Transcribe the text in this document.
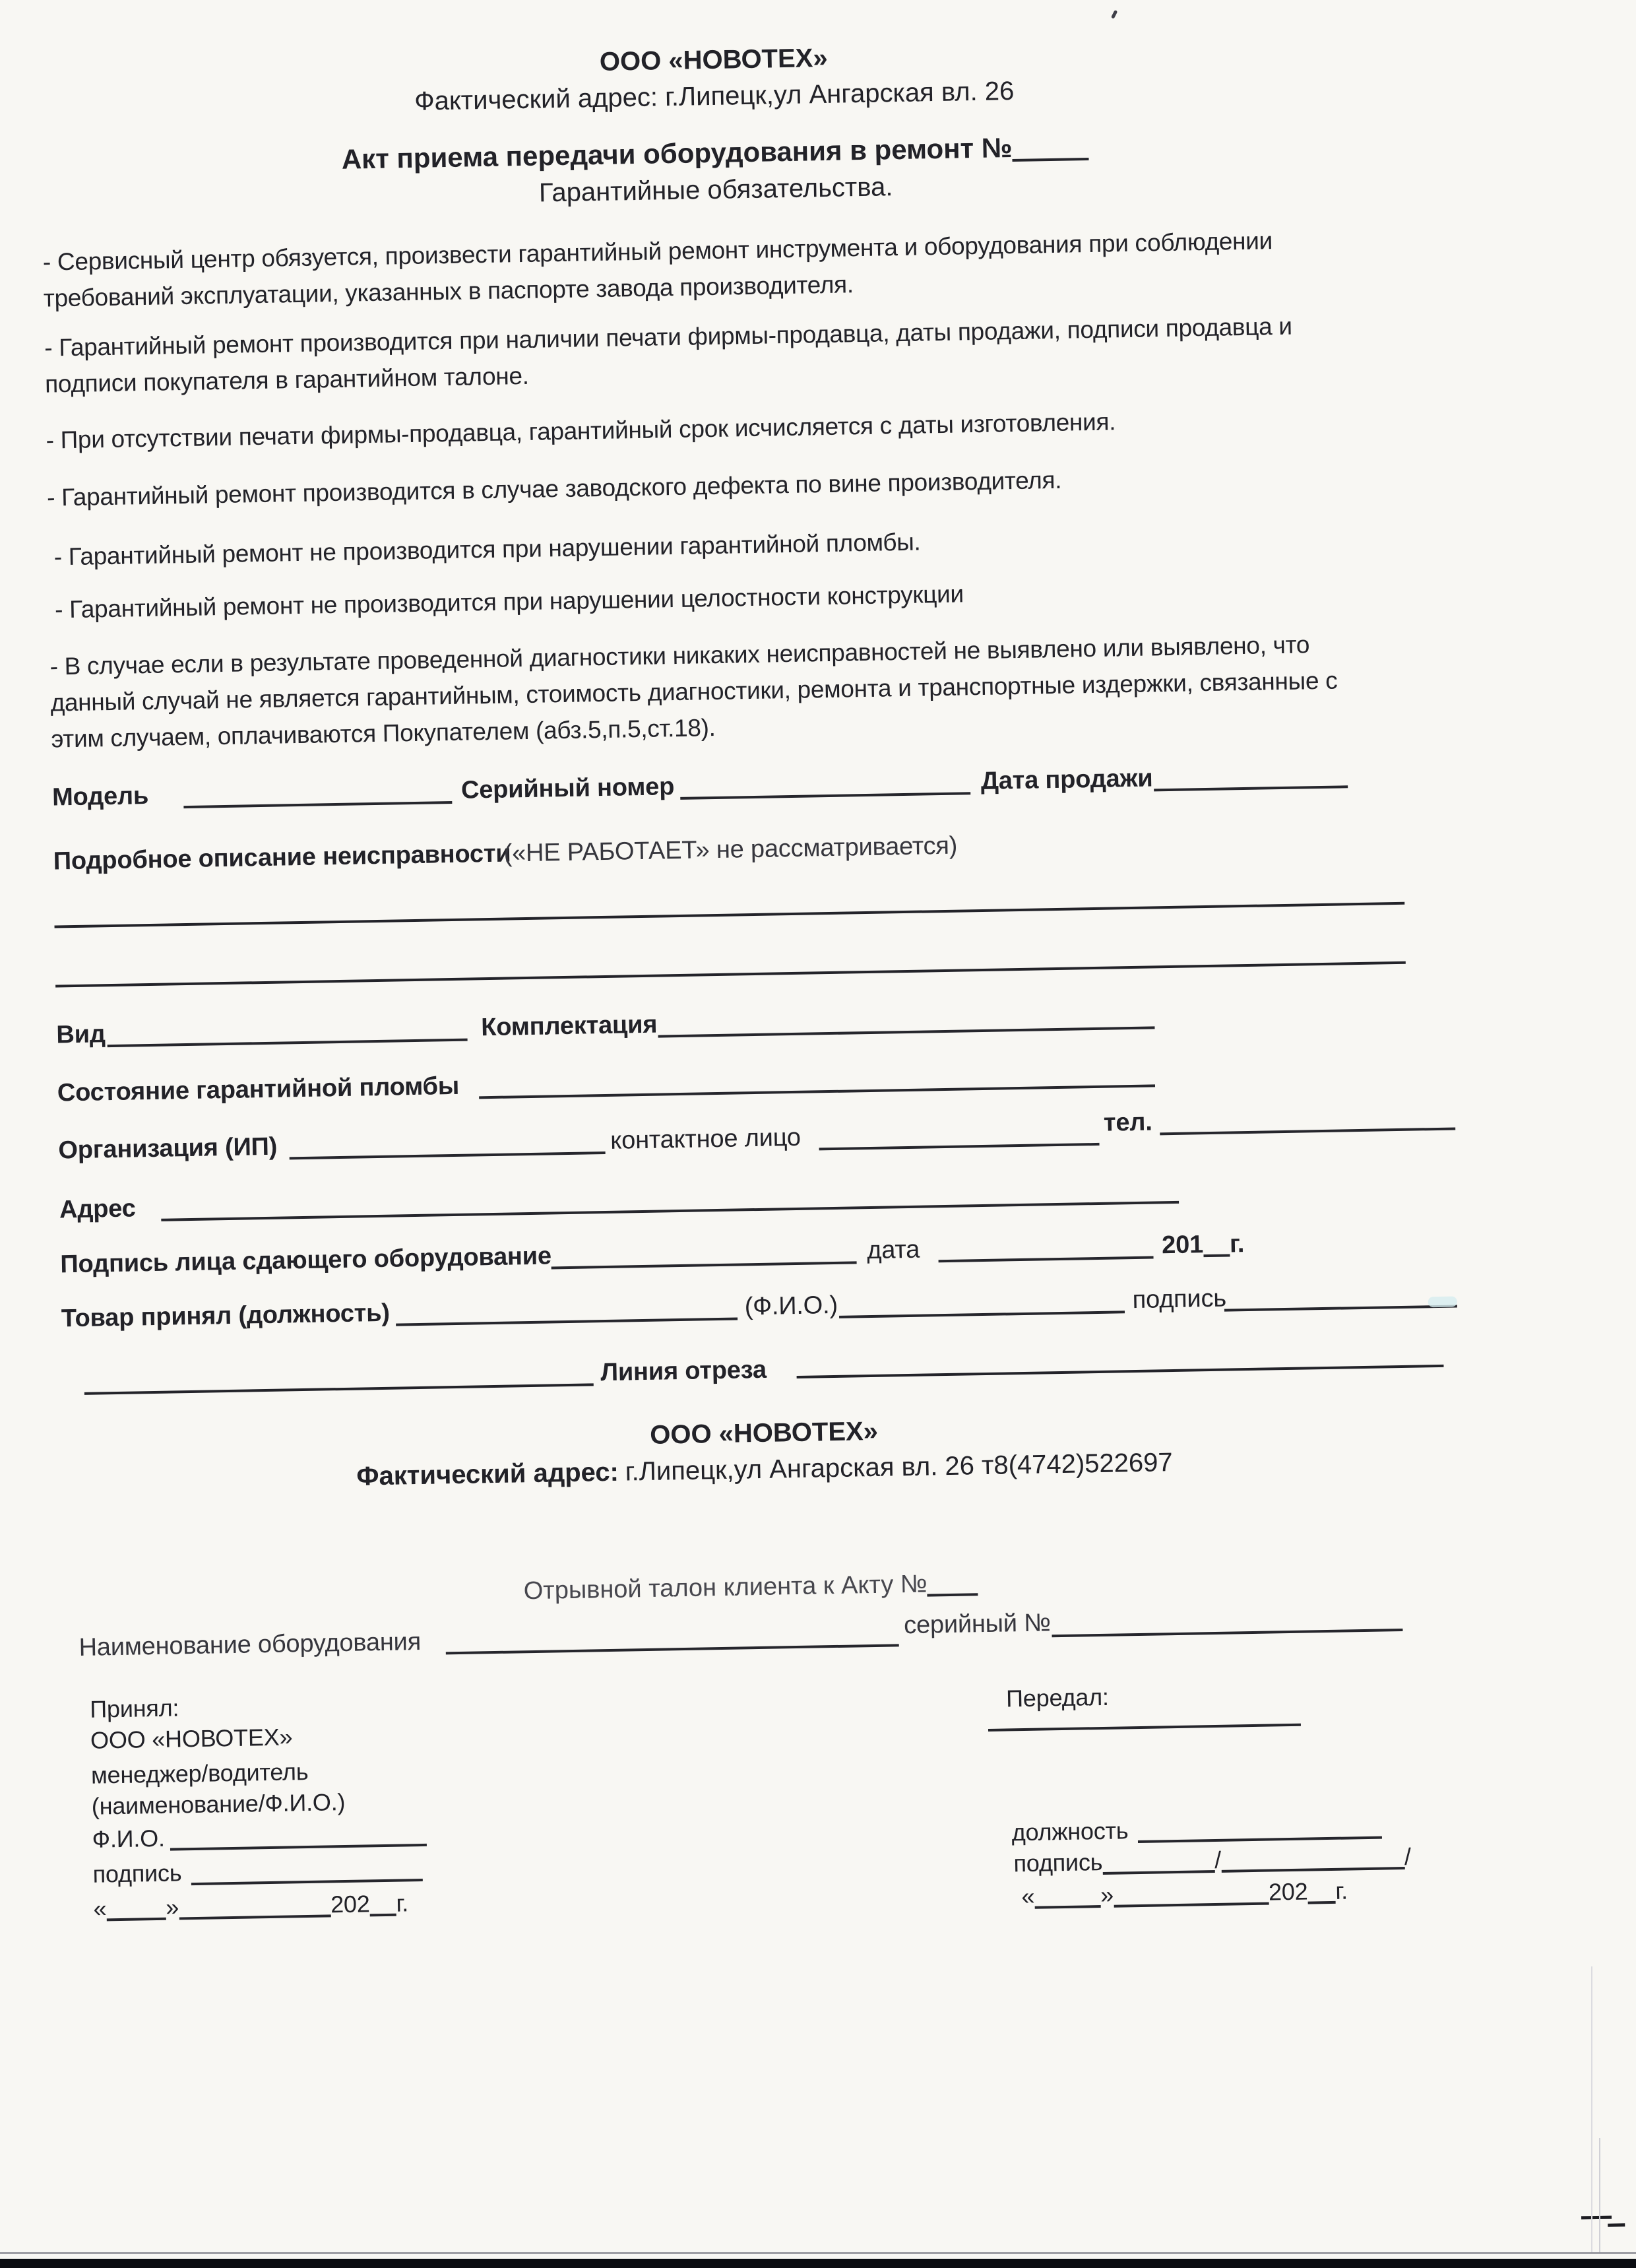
ООО «НОВОТЕХ»
Фактический адрес: г.Липецк,ул Ангарская вл. 26
Акт приема передачи оборудования в ремонт №
Гарантийные обязательства.
- Сервисный центр обязуется, произвести гарантийный ремонт инструмента и оборудования при соблюдении
требований эксплуатации, указанных в паспорте завода производителя.
- Гарантийный ремонт производится при наличии печати фирмы-продавца, даты продажи, подписи продавца и
подписи покупателя в гарантийном талоне.
- При отсутствии печати фирмы-продавца, гарантийный срок исчисляется с даты изготовления.
- Гарантийный ремонт производится в случае заводского дефекта по вине производителя.
- Гарантийный ремонт не производится при нарушении гарантийной пломбы.
- Гарантийный ремонт не производится при нарушении целостности конструкции
- В случае если в результате проведенной диагностики никаких неисправностей не выявлено или выявлено, что
данный случай не является гарантийным, стоимость диагностики, ремонта и транспортные издержки, связанные с
этим случаем, оплачиваются Покупателем (абз.5,п.5,ст.18).
Модель	Серийный номер	Дата продажи
Подробное описание неисправности
(«НЕ РАБОТАЕТ» не рассматривается)
Вид	Комплектация
Состояние гарантийной пломбы
Организация (ИП)	контактное лицо
тел.
Адрес
Подпись лица сдающего оборудование	дата	201 г.
Товар принял (должность)	(Ф.И.О.)	подпись
Линия отреза
ООО «НОВОТЕХ»
Фактический адрес: г.Липецк,ул Ангарская вл. 26 т8(4742)522697
Отрывной талон клиента к Акту №
Наименование оборудования
серийный №
Принял:
ООО «НОВОТЕХ»
менеджер/водитель
(наименование/Ф.И.О.)
Ф.И.О.
подпись
« »	202 г.
Передал:
должность
подпись	/	/
«	»	202 г.
